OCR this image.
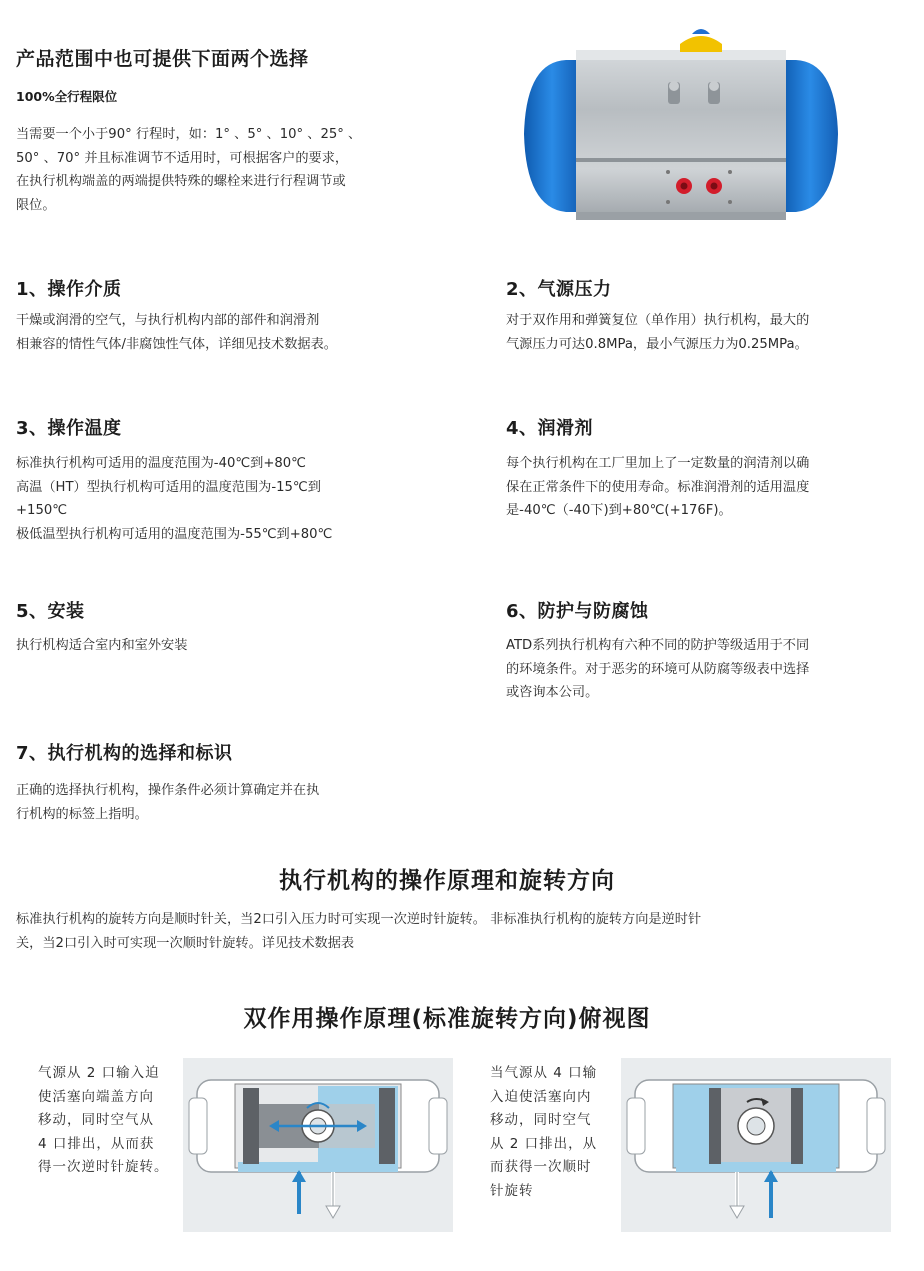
产品范围中也可提供下面两个选择
100%全行程限位
当需要一个小于90° 行程时，如：1° 、5° 、10° 、25° 、
50° 、70° 并且标准调节不适用时，可根据客户的要求，
在执行机构端盖的两端提供特殊的螺栓来进行行程调节或
限位。
1、操作介质
干燥或润滑的空气，与执行机构内部的部件和润滑剂
相兼容的情性气体/非腐蚀性气体，详细见技术数据表。
2、气源压力
对于双作用和弹簧复位（单作用）执行机构，最大的
气源压力可达0.8MPa，最小气源压力为0.25MPa。
3、操作温度
标准执行机构可适用的温度范围为-40℃到+80℃
高温（HT）型执行机构可适用的温度范围为-15℃到
+150℃
极低温型执行机构可适用的温度范围为-55℃到+80℃
4、润滑剂
每个执行机构在工厂里加上了一定数量的润清剂以确
保在正常条件下的使用寿命。标准润滑剂的适用温度
是-40℃（-40下)到+80℃(+176F)。
5、安装
执行机构适合室内和室外安装
6、防护与防腐蚀
ATD系列执行机构有六种不同的防护等级适用于不同
的环境条件。对于恶劣的环境可从防腐等级表中选择
或咨询本公司。
7、执行机构的选择和标识
正确的选择执行机构，操作条件必须计算确定并在执
行机构的标签上指明。
执行机构的操作原理和旋转方向
标准执行机构的旋转方向是顺时针关，当2口引入压力时可实现一次逆时针旋转。 非标准执行机构的旋转方向是逆时针
关，当2口引入时可实现一次顺时针旋转。详见技术数据表
双作用操作原理(标准旋转方向)俯视图
气源从 2 口输入迫
使活塞向端盖方向
移动，同时空气从
4 口排出，从而获
得一次逆时针旋转。
当气源从 4 口输
入迫使活塞向内
移动，同时空气
从 2 口排出，从
而获得一次顺时
针旋转
